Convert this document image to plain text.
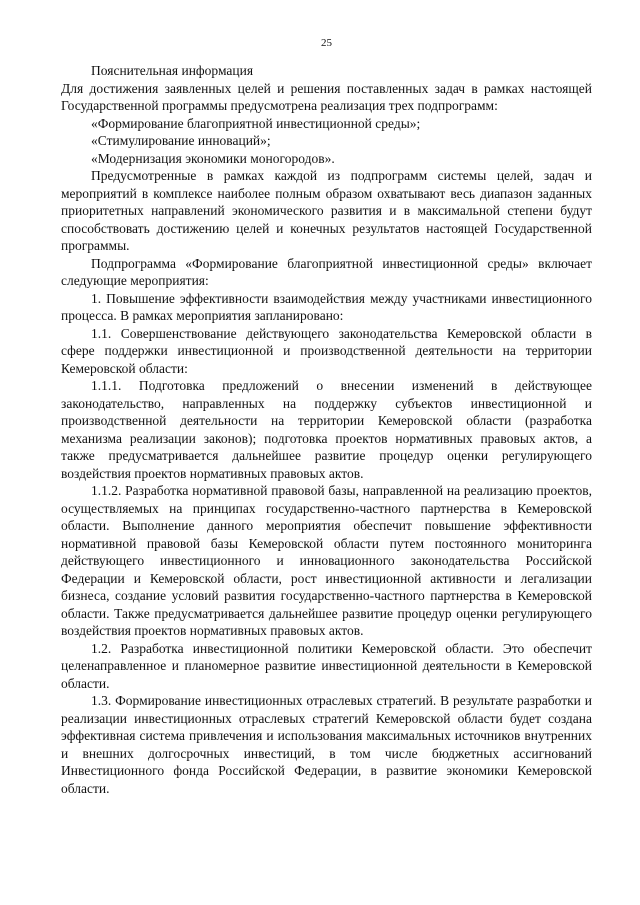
25

Пояснительная информация

Для достижения заявленных целей и решения поставленных задач в рамках настоящей Государственной программы предусмотрена реализация трех подпрограмм:

«Формирование благоприятной инвестиционной среды»;

«Стимулирование инноваций»;

«Модернизация экономики моногородов».

Предусмотренные в рамках каждой из подпрограмм системы целей, задач и мероприятий в комплексе наиболее полным образом охватывают весь диапазон заданных приоритетных направлений экономического развития и в максимальной степени будут способствовать достижению целей и конечных результатов настоящей Государственной программы.

Подпрограмма «Формирование благоприятной инвестиционной среды» включает следующие мероприятия:

1. Повышение эффективности взаимодействия между участниками инвестиционного процесса. В рамках мероприятия запланировано:

1.1. Совершенствование действующего законодательства Кемеровской области в сфере поддержки инвестиционной и производственной деятельности на территории Кемеровской области:

1.1.1. Подготовка предложений о внесении изменений в действующее законодательство, направленных на поддержку субъектов инвестиционной и производственной деятельности на территории Кемеровской области (разработка механизма реализации законов); подготовка проектов нормативных правовых актов, а также предусматривается дальнейшее развитие процедур оценки регулирующего воздействия проектов нормативных правовых актов.

1.1.2. Разработка нормативной правовой базы, направленной на реализацию проектов, осуществляемых на принципах государственно-частного партнерства в Кемеровской области. Выполнение данного мероприятия обеспечит повышение эффективности нормативной правовой базы Кемеровской области путем постоянного мониторинга действующего инвестиционного и инновационного законодательства Российской Федерации и Кемеровской области, рост инвестиционной активности и легализации бизнеса, создание условий развития государственно-частного партнерства в Кемеровской области. Также предусматривается дальнейшее развитие процедур оценки регулирующего воздействия проектов нормативных правовых актов.

1.2. Разработка инвестиционной политики Кемеровской области. Это обеспечит целенаправленное и планомерное развитие инвестиционной деятельности в Кемеровской области.

1.3. Формирование инвестиционных отраслевых стратегий. В результате разработки и реализации инвестиционных отраслевых стратегий Кемеровской области будет создана эффективная система привлечения и использования максимальных источников внутренних и внешних долгосрочных инвестиций, в том числе бюджетных ассигнований Инвестиционного фонда Российской Федерации, в развитие экономики Кемеровской области.
